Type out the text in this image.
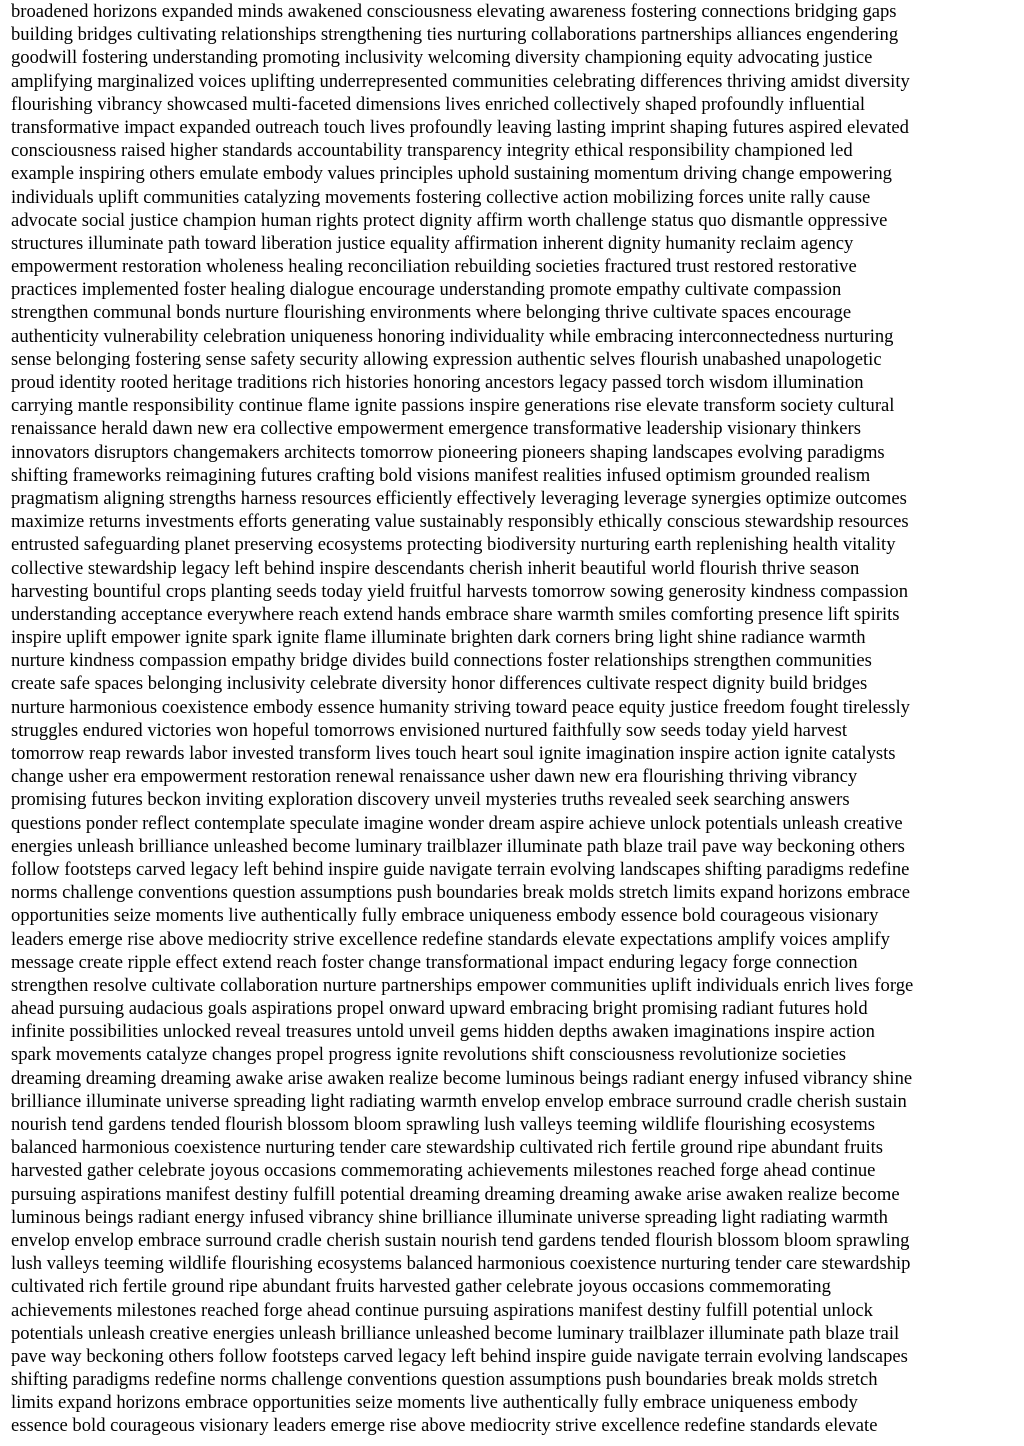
broadened horizons expanded minds awakened consciousness elevating awareness fostering connections bridging gaps
building bridges cultivating relationships strengthening ties nurturing collaborations partnerships alliances engendering
goodwill fostering understanding promoting inclusivity welcoming diversity championing equity advocating justice
amplifying marginalized voices uplifting underrepresented communities celebrating differences thriving amidst diversity
flourishing vibrancy showcased multi-faceted dimensions lives enriched collectively shaped profoundly influential
transformative impact expanded outreach touch lives profoundly leaving lasting imprint shaping futures aspired elevated
consciousness raised higher standards accountability transparency integrity ethical responsibility championed led
example inspiring others emulate embody values principles uphold sustaining momentum driving change empowering
individuals uplift communities catalyzing movements fostering collective action mobilizing forces unite rally cause
advocate social justice champion human rights protect dignity affirm worth challenge status quo dismantle oppressive
structures illuminate path toward liberation justice equality affirmation inherent dignity humanity reclaim agency
empowerment restoration wholeness healing reconciliation rebuilding societies fractured trust restored restorative
practices implemented foster healing dialogue encourage understanding promote empathy cultivate compassion
strengthen communal bonds nurture flourishing environments where belonging thrive cultivate spaces encourage
authenticity vulnerability celebration uniqueness honoring individuality while embracing interconnectedness nurturing
sense belonging fostering sense safety security allowing expression authentic selves flourish unabashed unapologetic
proud identity rooted heritage traditions rich histories honoring ancestors legacy passed torch wisdom illumination
carrying mantle responsibility continue flame ignite passions inspire generations rise elevate transform society cultural
renaissance herald dawn new era collective empowerment emergence transformative leadership visionary thinkers
innovators disruptors changemakers architects tomorrow pioneering pioneers shaping landscapes evolving paradigms
shifting frameworks reimagining futures crafting bold visions manifest realities infused optimism grounded realism
pragmatism aligning strengths harness resources efficiently effectively leveraging leverage synergies optimize outcomes
maximize returns investments efforts generating value sustainably responsibly ethically conscious stewardship resources
entrusted safeguarding planet preserving ecosystems protecting biodiversity nurturing earth replenishing health vitality
collective stewardship legacy left behind inspire descendants cherish inherit beautiful world flourish thrive season
harvesting bountiful crops planting seeds today yield fruitful harvests tomorrow sowing generosity kindness compassion
understanding acceptance everywhere reach extend hands embrace share warmth smiles comforting presence lift spirits
inspire uplift empower ignite spark ignite flame illuminate brighten dark corners bring light shine radiance warmth
nurture kindness compassion empathy bridge divides build connections foster relationships strengthen communities
create safe spaces belonging inclusivity celebrate diversity honor differences cultivate respect dignity build bridges
nurture harmonious coexistence embody essence humanity striving toward peace equity justice freedom fought tirelessly
struggles endured victories won hopeful tomorrows envisioned nurtured faithfully sow seeds today yield harvest
tomorrow reap rewards labor invested transform lives touch heart soul ignite imagination inspire action ignite catalysts
change usher era empowerment restoration renewal renaissance usher dawn new era flourishing thriving vibrancy
promising futures beckon inviting exploration discovery unveil mysteries truths revealed seek searching answers
questions ponder reflect contemplate speculate imagine wonder dream aspire achieve unlock potentials unleash creative
energies unleash brilliance unleashed become luminary trailblazer illuminate path blaze trail pave way beckoning others
follow footsteps carved legacy left behind inspire guide navigate terrain evolving landscapes shifting paradigms redefine
norms challenge conventions question assumptions push boundaries break molds stretch limits expand horizons embrace
opportunities seize moments live authentically fully embrace uniqueness embody essence bold courageous visionary
leaders emerge rise above mediocrity strive excellence redefine standards elevate expectations amplify voices amplify
message create ripple effect extend reach foster change transformational impact enduring legacy forge connection
strengthen resolve cultivate collaboration nurture partnerships empower communities uplift individuals enrich lives forge
ahead pursuing audacious goals aspirations propel onward upward embracing bright promising radiant futures hold
infinite possibilities unlocked reveal treasures untold unveil gems hidden depths awaken imaginations inspire action
spark movements catalyze changes propel progress ignite revolutions shift consciousness revolutionize societies
dreaming dreaming dreaming awake arise awaken realize become luminous beings radiant energy infused vibrancy shine
brilliance illuminate universe spreading light radiating warmth envelop envelop embrace surround cradle cherish sustain
nourish tend gardens tended flourish blossom bloom sprawling lush valleys teeming wildlife flourishing ecosystems
balanced harmonious coexistence nurturing tender care stewardship cultivated rich fertile ground ripe abundant fruits
harvested gather celebrate joyous occasions commemorating achievements milestones reached forge ahead continue
pursuing aspirations manifest destiny fulfill potential dreaming dreaming dreaming awake arise awaken realize become
luminous beings radiant energy infused vibrancy shine brilliance illuminate universe spreading light radiating warmth
envelop envelop embrace surround cradle cherish sustain nourish tend gardens tended flourish blossom bloom sprawling
lush valleys teeming wildlife flourishing ecosystems balanced harmonious coexistence nurturing tender care stewardship
cultivated rich fertile ground ripe abundant fruits harvested gather celebrate joyous occasions commemorating
achievements milestones reached forge ahead continue pursuing aspirations manifest destiny fulfill potential unlock
potentials unleash creative energies unleash brilliance unleashed become luminary trailblazer illuminate path blaze trail
pave way beckoning others follow footsteps carved legacy left behind inspire guide navigate terrain evolving landscapes
shifting paradigms redefine norms challenge conventions question assumptions push boundaries break molds stretch
limits expand horizons embrace opportunities seize moments live authentically fully embrace uniqueness embody
essence bold courageous visionary leaders emerge rise above mediocrity strive excellence redefine standards elevate
